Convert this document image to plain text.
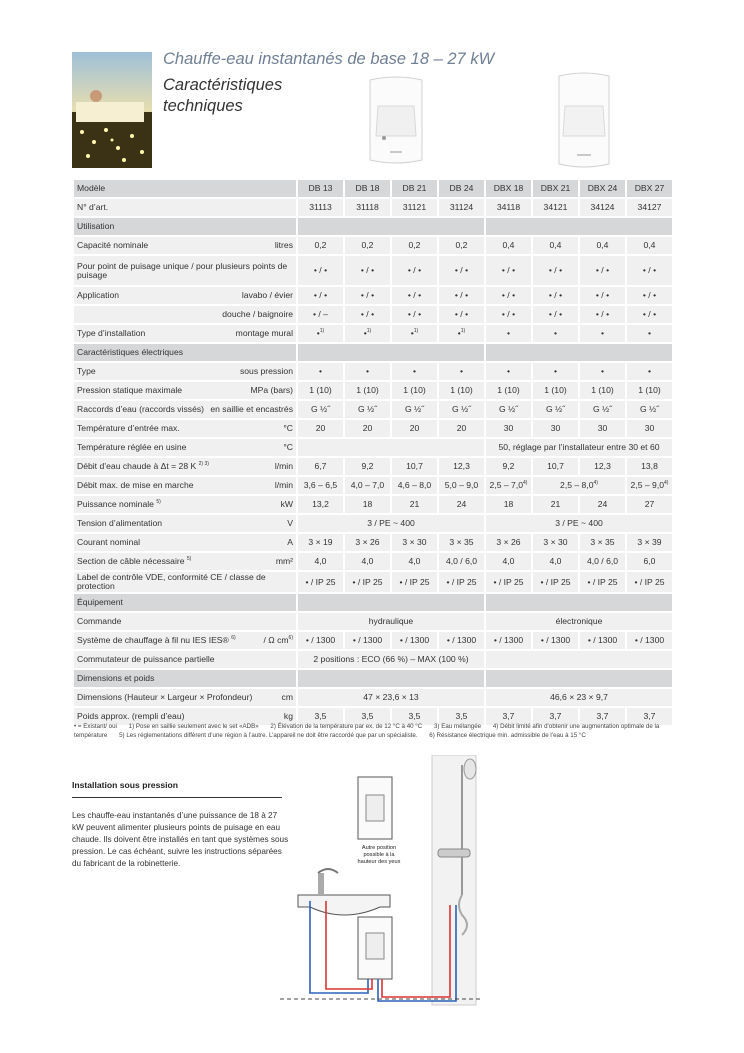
Chauffe-eau instantanés de base 18 – 27 kW
Caractéristiques techniques
Modèle	DB 13	DB 18	DB 21	DB 24	DBX 18	DBX 21	DBX 24	DBX 27
N° d’art.	31113	31118	31121	31124	34118	34121	34124	34127
Utilisation								

Capacité nominale litres	0,2	0,2	0,2	0,2	0,4	0,4	0,4	0,4

Pour point de puisage unique / pour plusieurs points de puisage	• / •	• / •	• / •	• / •	• / •	• / •	• / •	• / •

Application lavabo / évier	• / •	• / •	• / •	• / •	• / •	• / •	• / •	• / •

douche / baignoire	• / –	• / •	• / •	• / •	• / •	• / •	• / •	• / •

Type d’installation montage mural	•$^{1)}$	•$^{1)}$	•$^{1)}$	•$^{1)}$	•	•	•	•
Caractéristiques électriques								

Type sous pression	•	•	•	•	•	•	•	•

Pression statique maximale MPa (bars)	1 (10)	1 (10)	1 (10)	1 (10)	1 (10)	1 (10)	1 (10)	1 (10)

Raccords d’eau (raccords vissés) en saillie et encastrés	G ½˝	G ½˝	G ½˝	G ½˝	G ½˝	G ½˝	G ½˝	G ½˝

Température d’entrée max. °C	20	20	20	20	30	30	30	30

Température réglée en usine °C					50, réglage par l’installateur entre 30 et 60			

Débit d’eau chaude à Δt = 28 K $^{2) 3)}$ l/min	6,7	9,2	10,7	12,3	9,2	10,7	12,3	13,8

Débit max. de mise en marche l/min	3,6 – 6,5	4,0 – 7,0	4,6 – 8,0	5,0 – 9,0	2,5 – 7,0$^{4)}$	2,5 – 8,0$^{4)}$		2,5 – 9,0$^{4)}$

Puissance nominale $^{5)}$ kW	13,2	18	21	24	18	21	24	27

Tension d’alimentation V	3 / PE ~ 400				3 / PE ~ 400			

Courant nominal A	3 × 19	3 × 26	3 × 30	3 × 35	3 × 26	3 × 30	3 × 35	3 × 39

Section de câble nécessaire $^{5)}$ mm²	4,0	4,0	4,0	4,0 / 6,0	4,0	4,0	4,0 / 6,0	6,0

Label de contrôle VDE, conformité CE / classe de protection	• / IP 25	• / IP 25	• / IP 25	• / IP 25	• / IP 25	• / IP 25	• / IP 25	• / IP 25
Équipement								

Commande	hydraulique				électronique			

Système de chauffage à fil nu IES IES® $^{6)}$ / Ω $cm^{6)}$	• / 1300	• / 1300	• / 1300	• / 1300	• / 1300	• / 1300	• / 1300	• / 1300

Commutateur de puissance partielle	2 positions : ECO (66 %) – MAX (100 %)							
Dimensions et poids								

Dimensions (Hauteur × Largeur × Profondeur) cm	47 × 23,6 × 13				46,6 × 23 × 9,7			

Poids approx. (rempli d’eau) kg	3,5	3,5	3,5	3,5	3,7	3,7	3,7	3,7
• = Existant/ oui 1) Pose en saillie seulement avec le set «ADB» 2) Élévation de la température par ex. de 12 °C à 40 °C 3) Eau mélangée 4) Débit limité afin d’obtenir une augmentation optimale de la température 5) Les réglementations diffèrent d’une région à l’autre. L’appareil ne doit être raccordé que par un spécialiste. 6) Résistance électrique min. admissible de l’eau à 15 °C
Installation sous pression
Les chauffe-eau instantanés d’une puissance de 18 à 27 kW peuvent alimenter plusieurs points de puisage en eau chaude. Ils doivent être installés en tant que systèmes sous pression. Le cas échéant, suivre les instructions séparées du fabricant de la robinetterie.
Autre position possible à la hauteur des yeux
